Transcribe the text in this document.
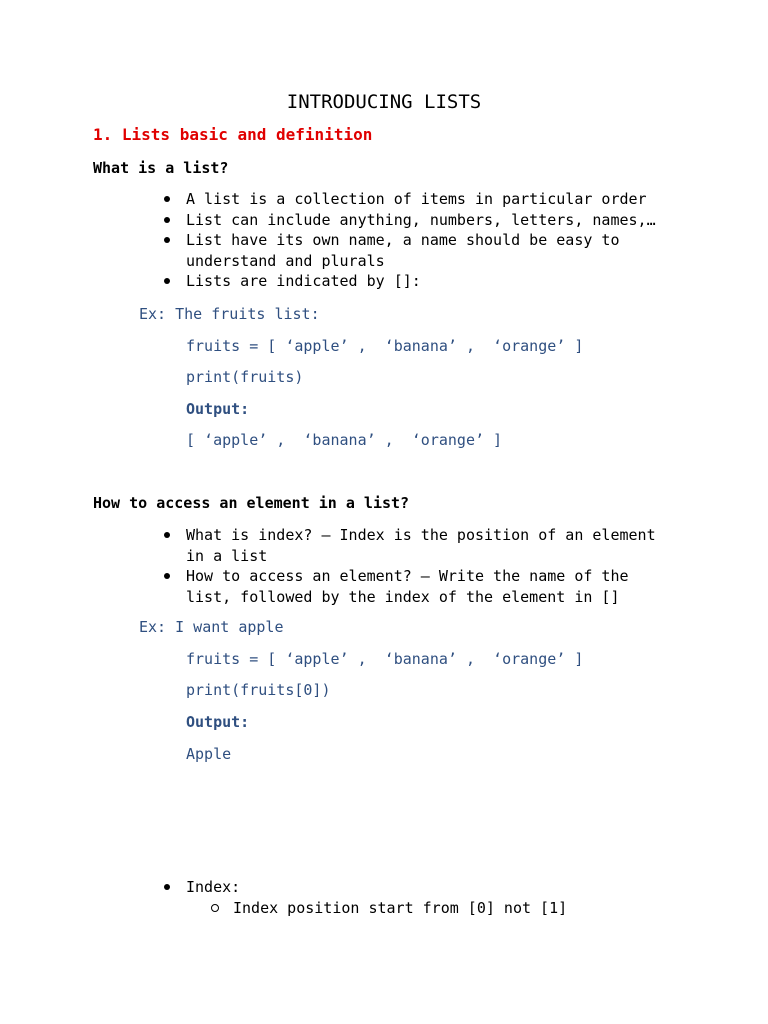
INTRODUCING LISTS
1. Lists basic and definition
What is a list?
A list is a collection of items in particular order
List can include anything, numbers, letters, names,…
List have its own name, a name should be easy to understand and plurals
Lists are indicated by []:
Ex: The fruits list:
fruits = [ ‘apple’ ,  ‘banana’ ,  ‘orange’ ]
print(fruits)
Output:
[ ‘apple’ ,  ‘banana’ ,  ‘orange’ ]
How to access an element in a list?
What is index? – Index is the position of an element in a list
How to access an element? – Write the name of the list, followed by the index of the element in []
Ex: I want apple
fruits = [ ‘apple’ ,  ‘banana’ ,  ‘orange’ ]
print(fruits[0])
Output:
Apple
Index:
Index position start from [0] not [1]
